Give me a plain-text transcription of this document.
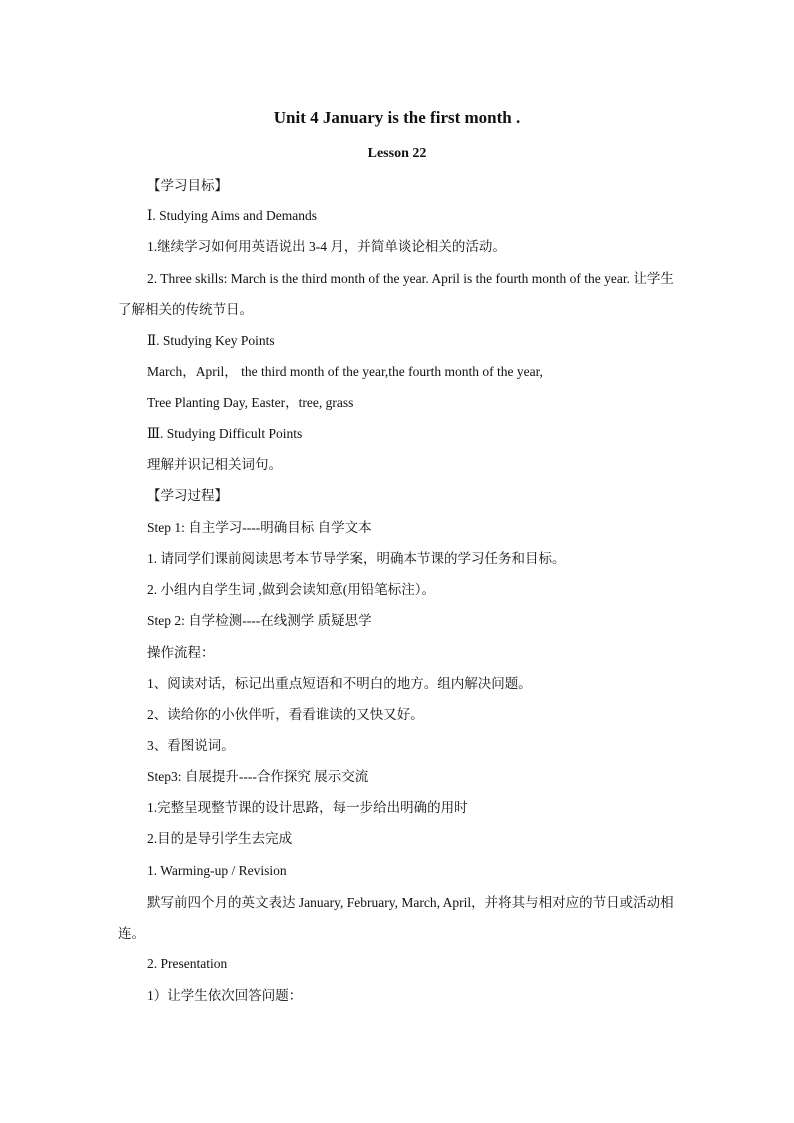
Unit 4 January is the first month .
Lesson 22
【学习目标】
Ⅰ. Studying Aims and Demands
1.继续学习如何用英语说出 3-4 月，并简单谈论相关的活动。
2. Three skills: March is the third month of the year. April is the fourth month of the year. 让学生了解相关的传统节日。
Ⅱ. Studying Key Points
March，April， the third month of the year,the fourth month of the year,
Tree Planting Day, Easter，tree, grass
Ⅲ. Studying Difficult Points
理解并识记相关词句。
【学习过程】
Step 1: 自主学习----明确目标 自学文本
1. 请同学们课前阅读思考本节导学案，明确本节课的学习任务和目标。
2. 小组内自学生词 ,做到会读知意(用铅笔标注）。
Step 2: 自学检测----在线测学 质疑思学
操作流程：
1、阅读对话，标记出重点短语和不明白的地方。组内解决问题。
2、读给你的小伙伴听，看看谁读的又快又好。
3、看图说词。
Step3: 自展提升----合作探究 展示交流
1.完整呈现整节课的设计思路，每一步给出明确的用时
2.目的是导引学生去完成
1. Warming-up / Revision
默写前四个月的英文表达 January, February, March, April，并将其与相对应的节日或活动相连。
2. Presentation
1）让学生依次回答问题：
